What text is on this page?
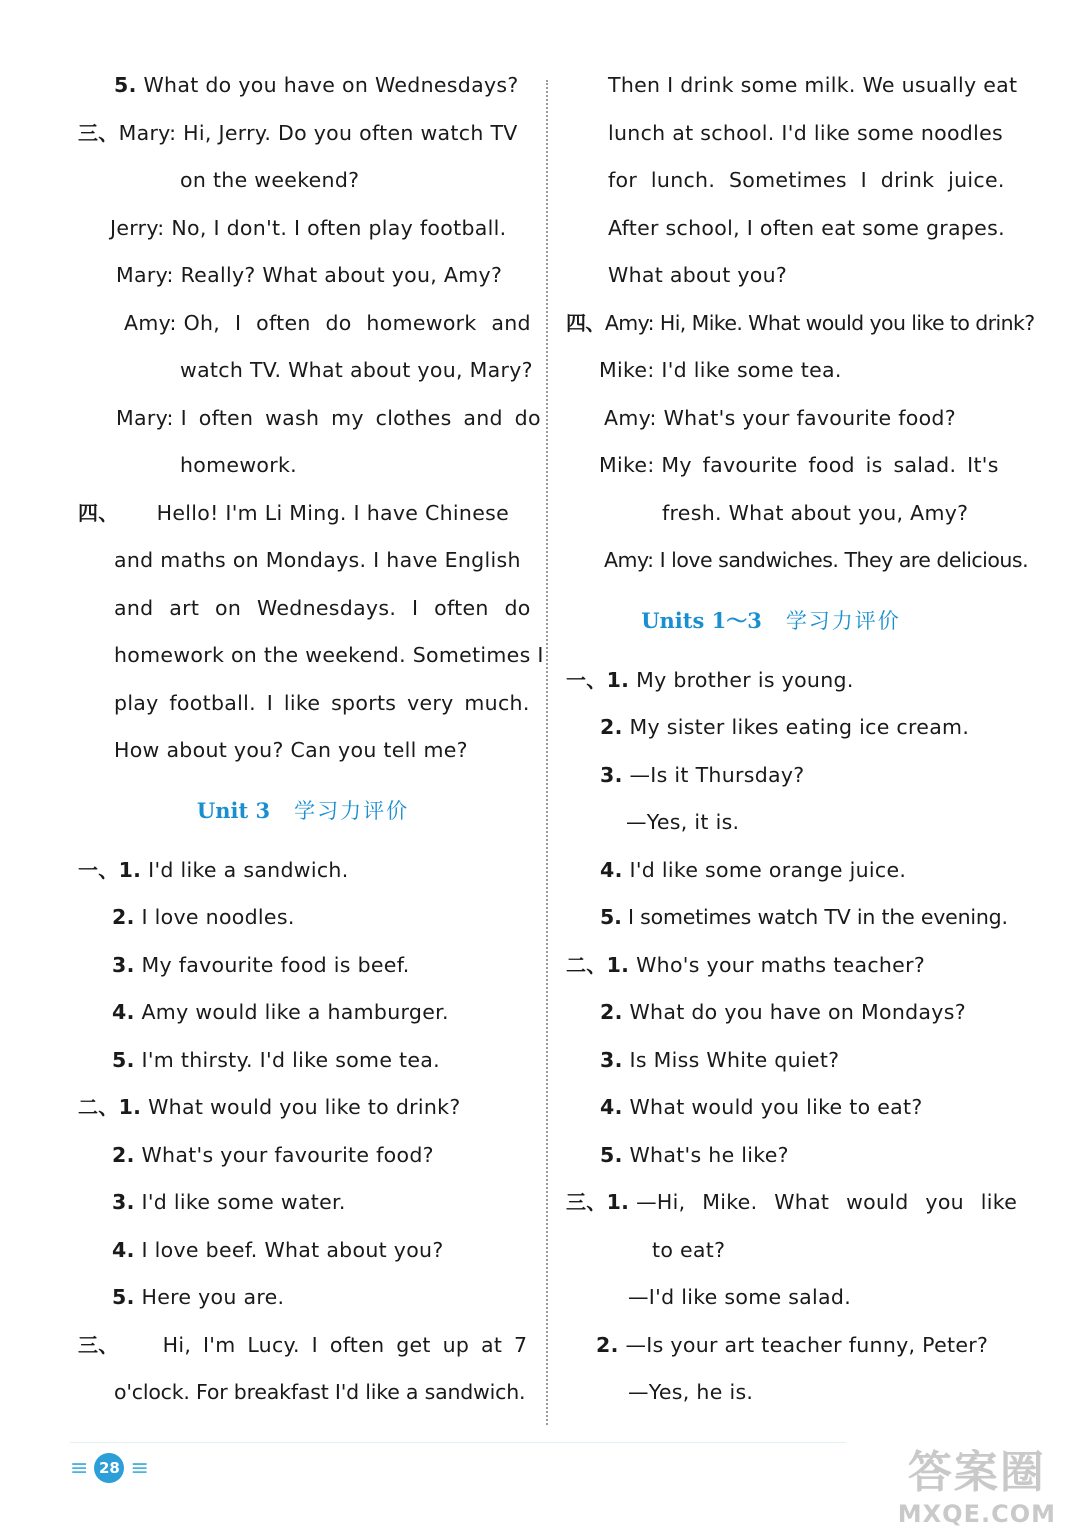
5. What do you have on Wednesdays?
三、Mary: Hi, Jerry. Do you often watch TV
on the weekend?
Jerry: No, I don't. I often play football.
Mary: Really? What about you, Amy?
Amy: Oh, I often do homework and
watch TV. What about you, Mary?
Mary: I often wash my clothes and do
homework.
四、 Hello! I'm Li Ming. I have Chinese
and maths on Mondays. I have English
and art on Wednesdays. I often do
homework on the weekend. Sometimes I
play football. I like sports very much.
How about you? Can you tell me?
Unit 3 学习力评价
一、1. I'd like a sandwich.
2. I love noodles.
3. My favourite food is beef.
4. Amy would like a hamburger.
5. I'm thirsty. I'd like some tea.
二、1. What would you like to drink?
2. What's your favourite food?
3. I'd like some water.
4. I love beef. What about you?
5. Here you are.
三、 Hi, I'm Lucy. I often get up at 7
o'clock. For breakfast I'd like a sandwich.
Then I drink some milk. We usually eat
lunch at school. I'd like some noodles
for lunch. Sometimes I drink juice.
After school, I often eat some grapes.
What about you?
四、Amy: Hi, Mike. What would you like to drink?
Mike: I'd like some tea.
Amy: What's your favourite food?
Mike: My favourite food is salad. It's
fresh. What about you, Amy?
Amy: I love sandwiches. They are delicious.
Units 1～3 学习力评价
一、1. My brother is young.
2. My sister likes eating ice cream.
3. —Is it Thursday?
—Yes, it is.
4. I'd like some orange juice.
5. I sometimes watch TV in the evening.
二、1. Who's your maths teacher?
2. What do you have on Mondays?
3. Is Miss White quiet?
4. What would you like to eat?
5. What's he like?
三、1. —Hi, Mike. What would you like
to eat?
—I'd like some salad.
2. —Is your art teacher funny, Peter?
—Yes, he is.
≡ 28 ≡	答案圈
MXQE.COM
